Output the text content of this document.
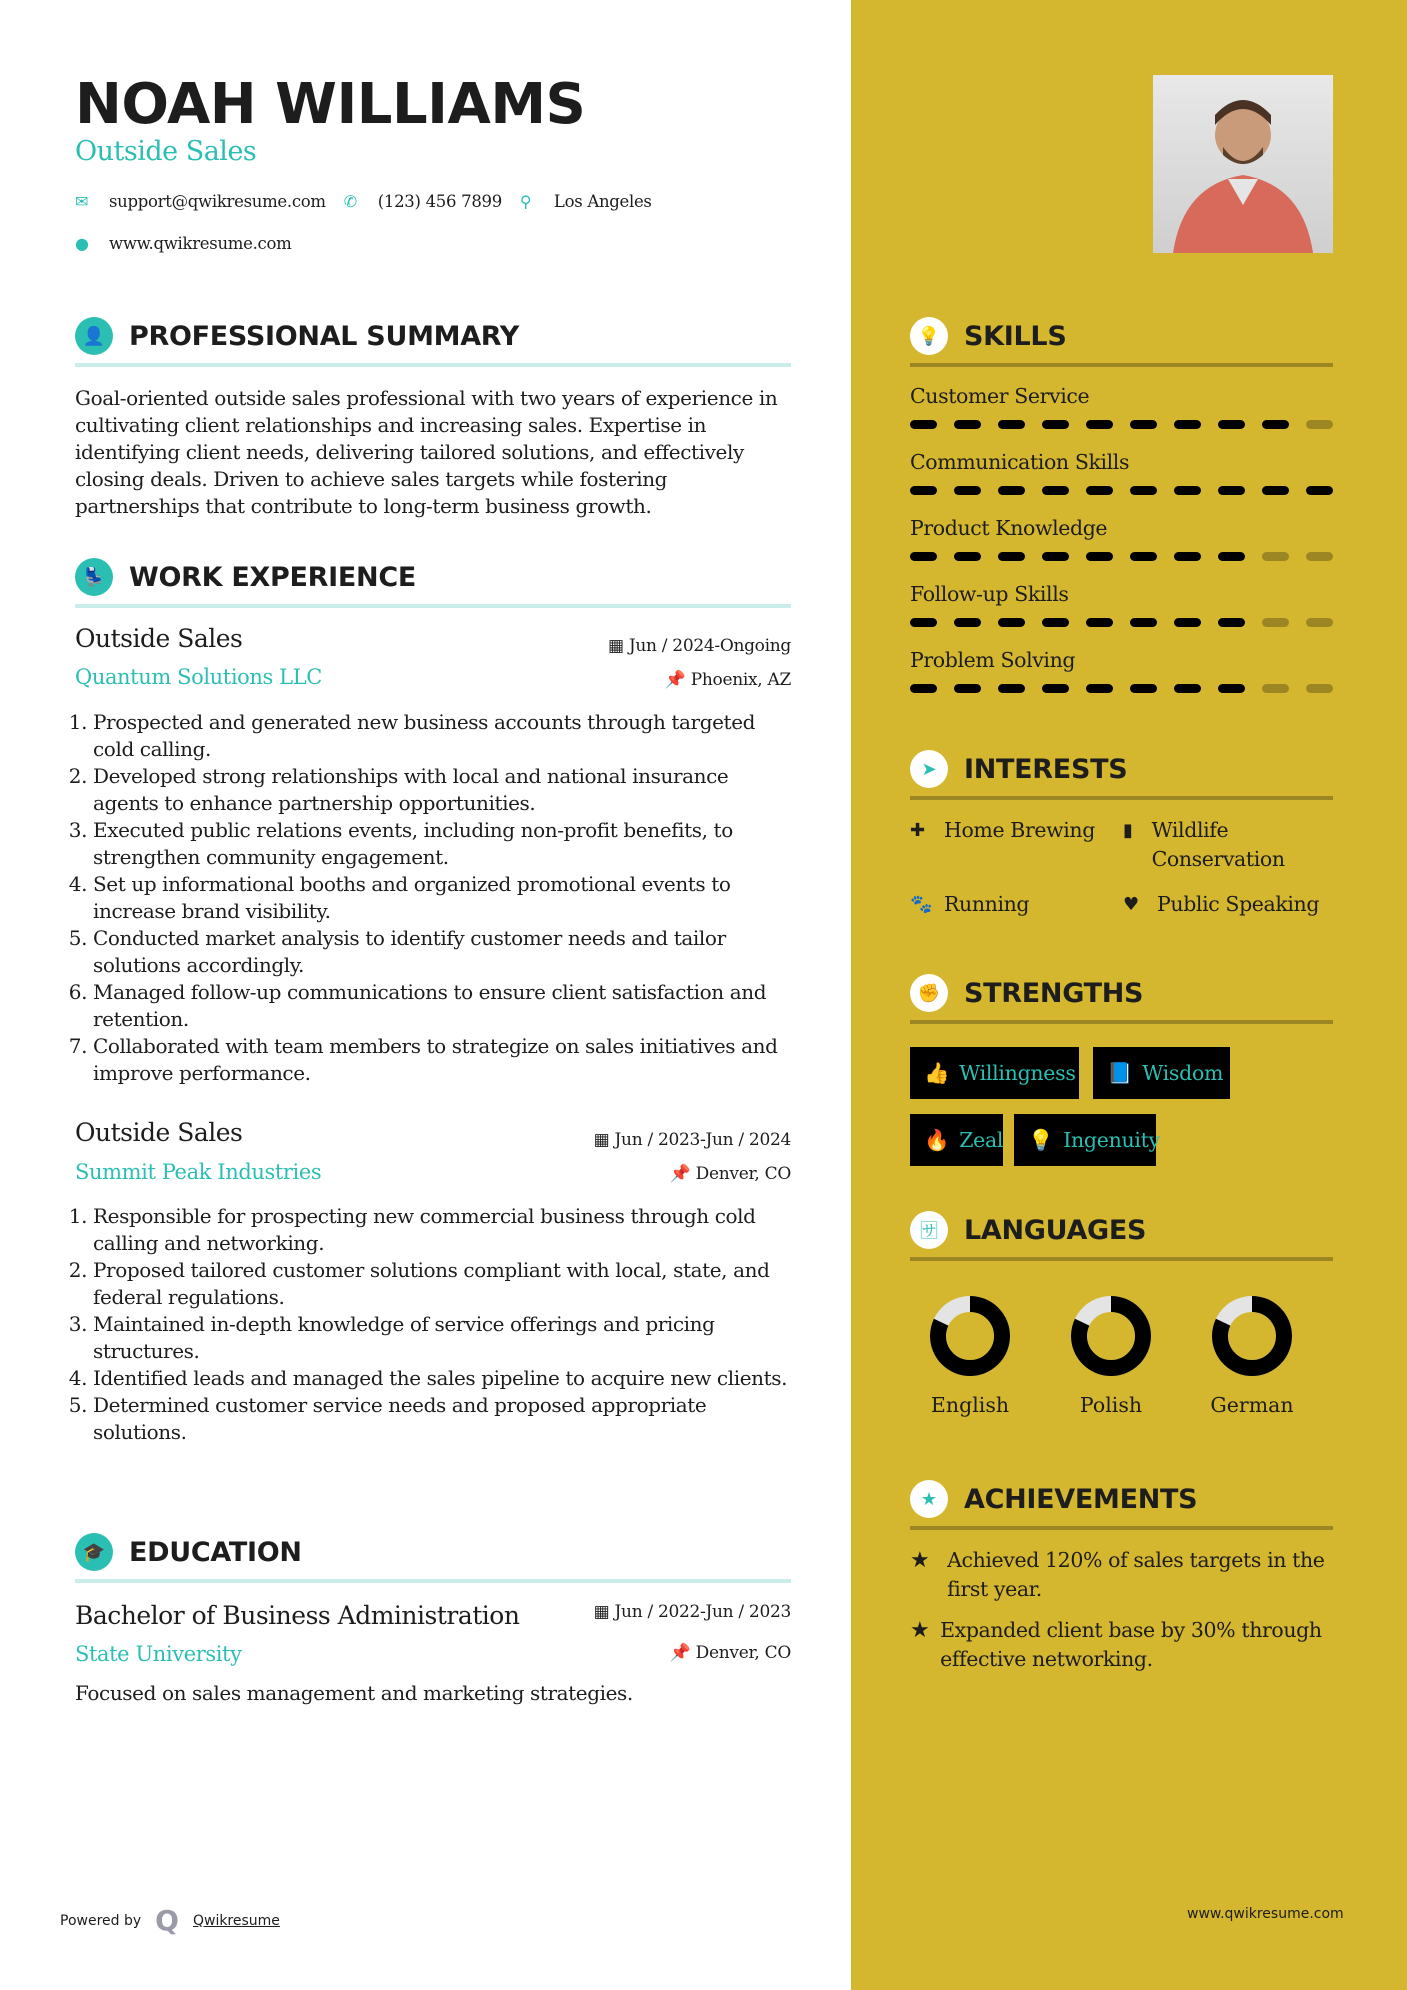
NOAH WILLIAMS
Outside Sales
✉	support@qwikresume.com ✆	(123) 456 7899 ⚲	Los Angeles
●	www.qwikresume.com
👤 PROFESSIONAL SUMMARY

Goal-oriented outside sales professional with two years of experience in cultivating client relationships and increasing sales. Expertise in identifying client needs, delivering tailored solutions, and effectively closing deals. Driven to achieve sales targets while fostering partnerships that contribute to long-term business growth.

💺 WORK EXPERIENCE
Outside Sales	▦ Jun / 2024-Ongoing
Quantum Solutions LLC	📌 Phoenix, AZ
1. Prospected and generated new business accounts through targeted cold calling.
2. Developed strong relationships with local and national insurance agents to enhance partnership opportunities.
3. Executed public relations events, including non-profit benefits, to strengthen community engagement.
4. Set up informational booths and organized promotional events to increase brand visibility.
5. Conducted market analysis to identify customer needs and tailor solutions accordingly.
6. Managed follow-up communications to ensure client satisfaction and retention.
7. Collaborated with team members to strategize on sales initiatives and improve performance.
Outside Sales	▦ Jun / 2023-Jun / 2024
Summit Peak Industries	📌 Denver, CO
1. Responsible for prospecting new commercial business through cold calling and networking.
2. Proposed tailored customer solutions compliant with local, state, and federal regulations.
3. Maintained in-depth knowledge of service offerings and pricing structures.
4. Identified leads and managed the sales pipeline to acquire new clients.
5. Determined customer service needs and proposed appropriate solutions.
🎓 EDUCATION
Bachelor of Business Administration	▦ Jun / 2022-Jun / 2023
State University	📌 Denver, CO
Focused on sales management and marketing strategies.
Powered by Q Qwikresume	www.qwikresume.com
💡 SKILLS
Customer Service
Communication Skills
Product Knowledge
Follow-up Skills
Problem Solving
➤	INTERESTS
✚ Home Brewing ▮ Wildlife Conservation
🐾 Running	♥ Public Speaking
✊ STRENGTHS
👍 Willingness 📘 Wisdom
🔥 Zeal 💡 Ingenuity
🈂 LANGUAGES
English	Polish	German
★ ACHIEVEMENTS
★ Achieved 120% of sales targets in the first year.
★ Expanded client base by 30% through effective networking.
